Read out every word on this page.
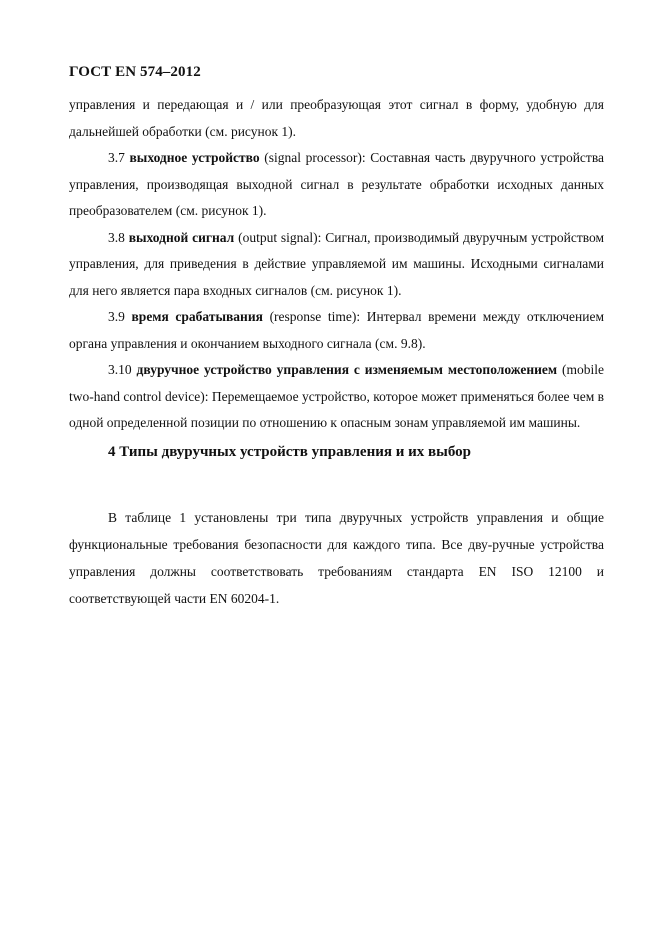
ГОСТ EN 574–2012

управления и передающая и / или преобразующая этот сигнал в форму, удобную для дальнейшей обработки (см. рисунок 1).

3.7 выходное устройство (signal processor): Составная часть двуручного устройства управления, производящая выходной сигнал в результате обработки исходных данных преобразователем (см. рисунок 1).

3.8 выходной сигнал (output signal): Сигнал, производимый двуручным устройством управления, для приведения в действие управляемой им машины. Исходными сигналами для него является пара входных сигналов (см. рисунок 1).

3.9 время срабатывания (response time): Интервал времени между отключением органа управления и окончанием выходного сигнала (см. 9.8).

3.10 двуручное устройство управления с изменяемым местоположением (mobile two-hand control device): Перемещаемое устройство, которое может применяться более чем в одной определенной позиции по отношению к опасным зонам управляемой им машины.

4 Типы двуручных устройств управления и их выбор

В таблице 1 установлены три типа двуручных устройств управления и общие функциональные требования безопасности для каждого типа. Все дву-ручные устройства управления должны соответствовать требованиям стандарта EN ISO 12100 и соответствующей части EN 60204-1.
